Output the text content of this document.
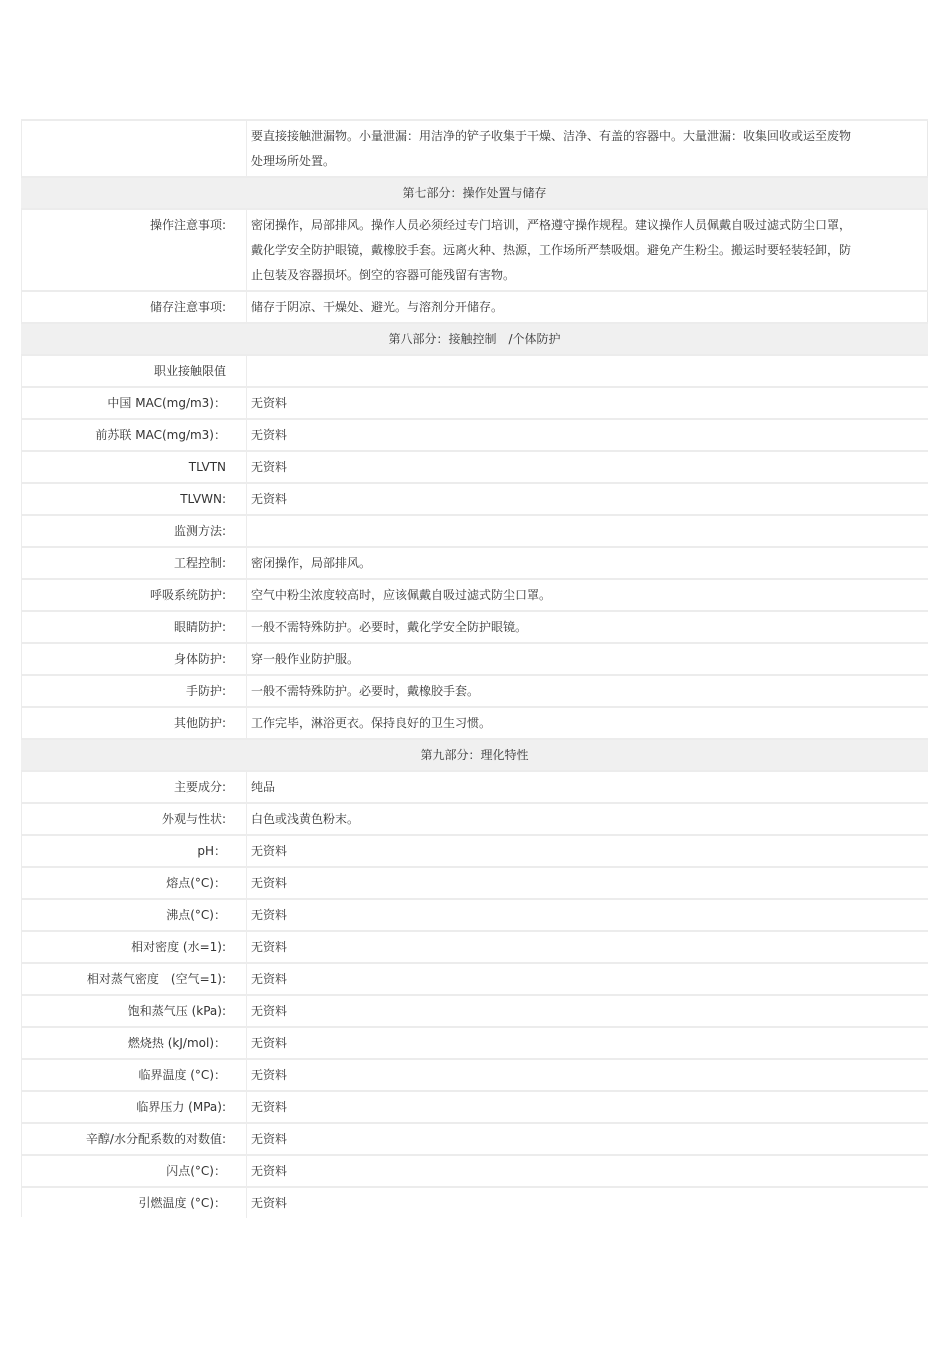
	要直接接触泄漏物。小量泄漏：用洁净的铲子收集于干燥、洁净、有盖的容器中。大量泄漏：收集回收或运至废物处理场所处置。
第七部分：操作处置与储存	
操作注意事项:	密闭操作，局部排风。操作人员必须经过专门培训，严格遵守操作规程。建议操作人员佩戴自吸过滤式防尘口罩，戴化学安全防护眼镜，戴橡胶手套。远离火种、热源，工作场所严禁吸烟。避免产生粉尘。搬运时要轻装轻卸，防止包装及容器损坏。倒空的容器可能残留有害物。
储存注意事项:	储存于阴凉、干燥处、避光。与溶剂分开储存。
第八部分：接触控制　/个体防护	
职业接触限值	
中国 MAC(mg/m3)：	无资料
前苏联 MAC(mg/m3)：	无资料
TLVTN	无资料
TLVWN:	无资料
监测方法:	
工程控制:	密闭操作，局部排风。
呼吸系统防护:	空气中粉尘浓度较高时，应该佩戴自吸过滤式防尘口罩。
眼睛防护:	一般不需特殊防护。必要时，戴化学安全防护眼镜。
身体防护:	穿一般作业防护服。
手防护:	一般不需特殊防护。必要时，戴橡胶手套。
其他防护:	工作完毕，淋浴更衣。保持良好的卫生习惯。
第九部分：理化特性	
主要成分:	纯品
外观与性状:	白色或浅黄色粉末。
pH：	无资料
熔点(°C)：	无资料
沸点(°C)：	无资料
相对密度 (水=1):	无资料
相对蒸气密度　(空气=1):	无资料
饱和蒸气压 (kPa):	无资料
燃烧热 (kJ/mol)：	无资料
临界温度 (°C)：	无资料
临界压力 (MPa):	无资料
辛醇/水分配系数的对数值:	无资料
闪点(°C)：	无资料
引燃温度 (°C)：	无资料
